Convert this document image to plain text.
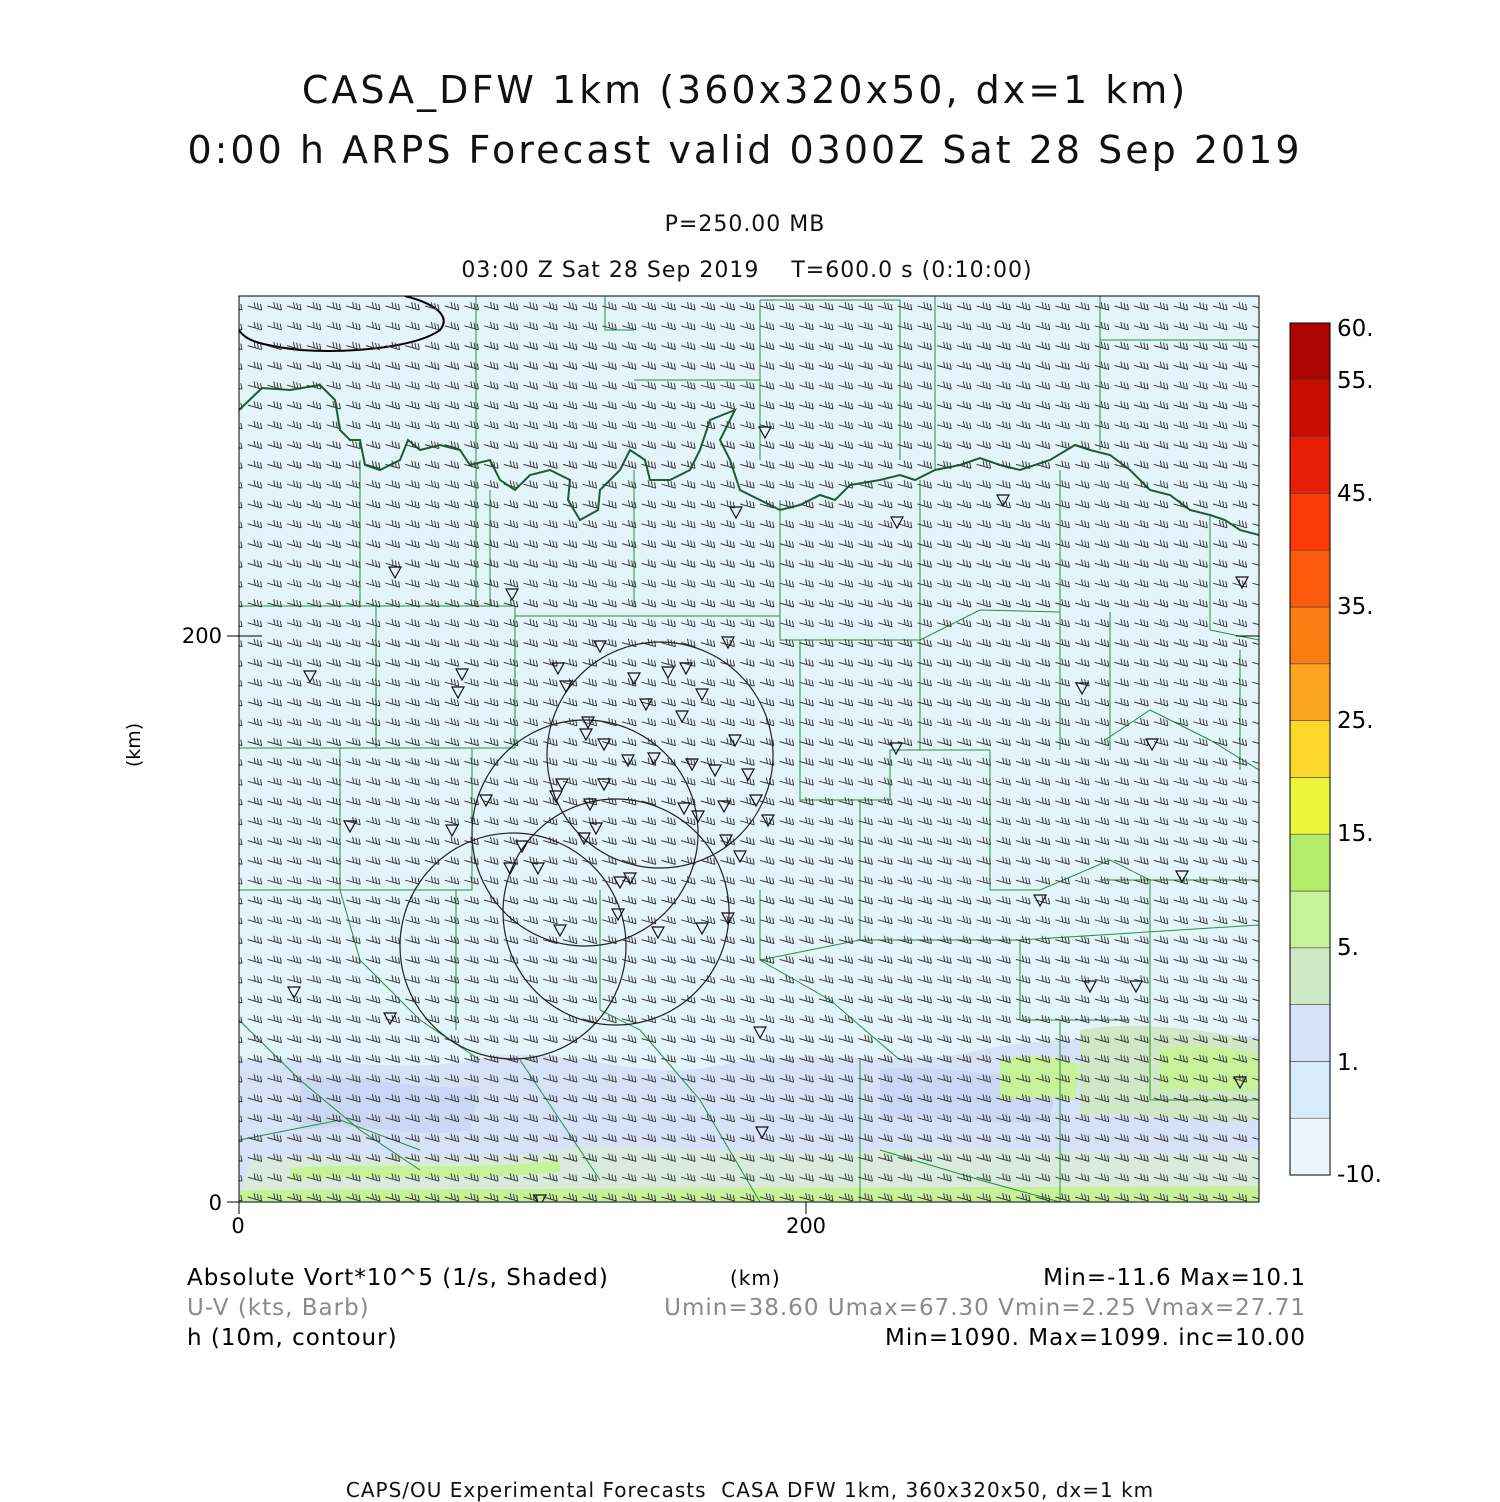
CASA_DFW 1km (360x320x50, dx=1 km)
0:00 h ARPS Forecast valid 0300Z Sat 28 Sep 2019
P=250.00 MB
03:00 Z Sat 28 Sep 2019    T=600.0 s (0:10:00)
0	200
0
200
(km)
60.
55.
45.
35.
25.
15.
5.
1.
-10.
Absolute Vort*10^5 (1/s, Shaded)	(km)	Min=-11.6 Max=10.1
U-V (kts, Barb)	Umin=38.60 Umax=67.30 Vmin=2.25 Vmax=27.71
h (10m, contour)	Min=1090. Max=1099. inc=10.00
CAPS/OU Experimental Forecasts  CASA DFW 1km, 360x320x50, dx=1 km
